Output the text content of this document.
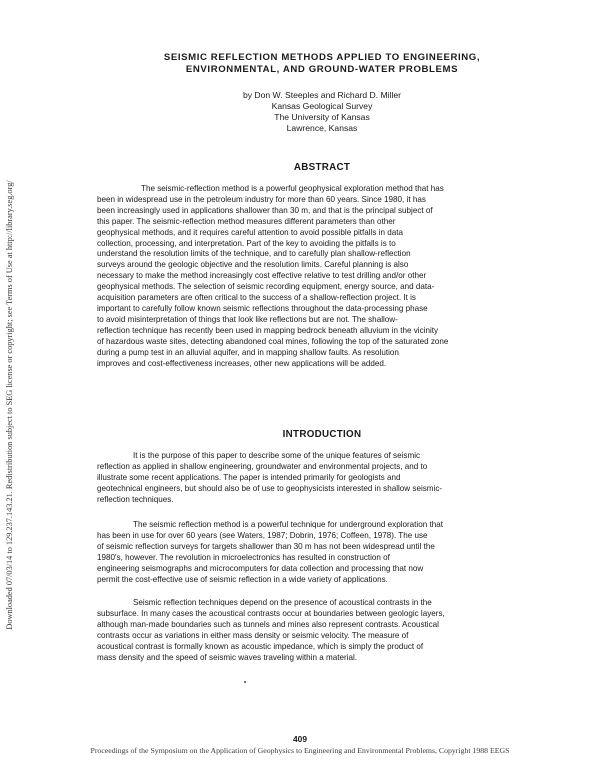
Downloaded 07/03/14 to 129.237.143.21. Redistribution subject to SEG license or copyright; see Terms of Use at http://library.seg.org/
SEISMIC REFLECTION METHODS APPLIED TO ENGINEERING,
ENVIRONMENTAL, AND GROUND-WATER PROBLEMS
by Don W. Steeples and Richard D. Miller
Kansas Geological Survey
The University of Kansas
Lawrence, Kansas
ABSTRACT
The seismic-reflection method is a powerful geophysical exploration method that has
been in widespread use in the petroleum industry for more than 60 years. Since 1980, it has
been increasingly used in applications shallower than 30 m, and that is the principal subject of
this paper. The seismic-reflection method measures different parameters than other
geophysical methods, and it requires careful attention to avoid possible pitfalls in data
collection, processing, and interpretation. Part of the key to avoiding the pitfalls is to
understand the resolution limits of the technique, and to carefully plan shallow-reflection
surveys around the geologic objective and the resolution limits. Careful planning is also
necessary to make the method increasingly cost effective relative to test drilling and/or other
geophysical methods. The selection of seismic recording equipment, energy source, and data-
acquisition parameters are often critical to the success of a shallow-reflection project. It is
important to carefully follow known seismic reflections throughout the data-processing phase
to avoid misinterpretation of things that look like reflections but are not. The shallow-
reflection technique has recently been used in mapping bedrock beneath alluvium in the vicinity
of hazardous waste sites, detecting abandoned coal mines, following the top of the saturated zone
during a pump test in an alluvial aquifer, and in mapping shallow faults. As resolution
improves and cost-effectiveness increases, other new applications will be added.
INTRODUCTION
It is the purpose of this paper to describe some of the unique features of seismic
reflection as applied in shallow engineering, groundwater and environmental projects, and to
illustrate some recent applications. The paper is intended primarily for geologists and
geotechnical engineers, but should also be of use to geophysicists interested in shallow seismic-
reflection techniques.
The seismic reflection method is a powerful technique for underground exploration that
has been in use for over 60 years (see Waters, 1987; Dobrin, 1976; Coffeen, 1978). The use
of seismic reflection surveys for targets shallower than 30 m has not been widespread until the
1980's, however. The revolution in microelectronics has resulted in construction of
engineering seismographs and microcomputers for data collection and processing that now
permit the cost-effective use of seismic reflection in a wide variety of applications.
Seismic reflection techniques depend on the presence of acoustical contrasts in the
subsurface. In many cases the acoustical contrasts occur at boundaries between geologic layers,
although man-made boundaries such as tunnels and mines also represent contrasts. Acoustical
contrasts occur as variations in either mass density or seismic velocity. The measure of
acoustical contrast is formally known as acoustic impedance, which is simply the product of
mass density and the speed of seismic waves traveling within a material.
409
Proceedings of the Symposium on the Application of Geophysics to Engineering and Environmental Problems, Copyright 1988 EEGS
